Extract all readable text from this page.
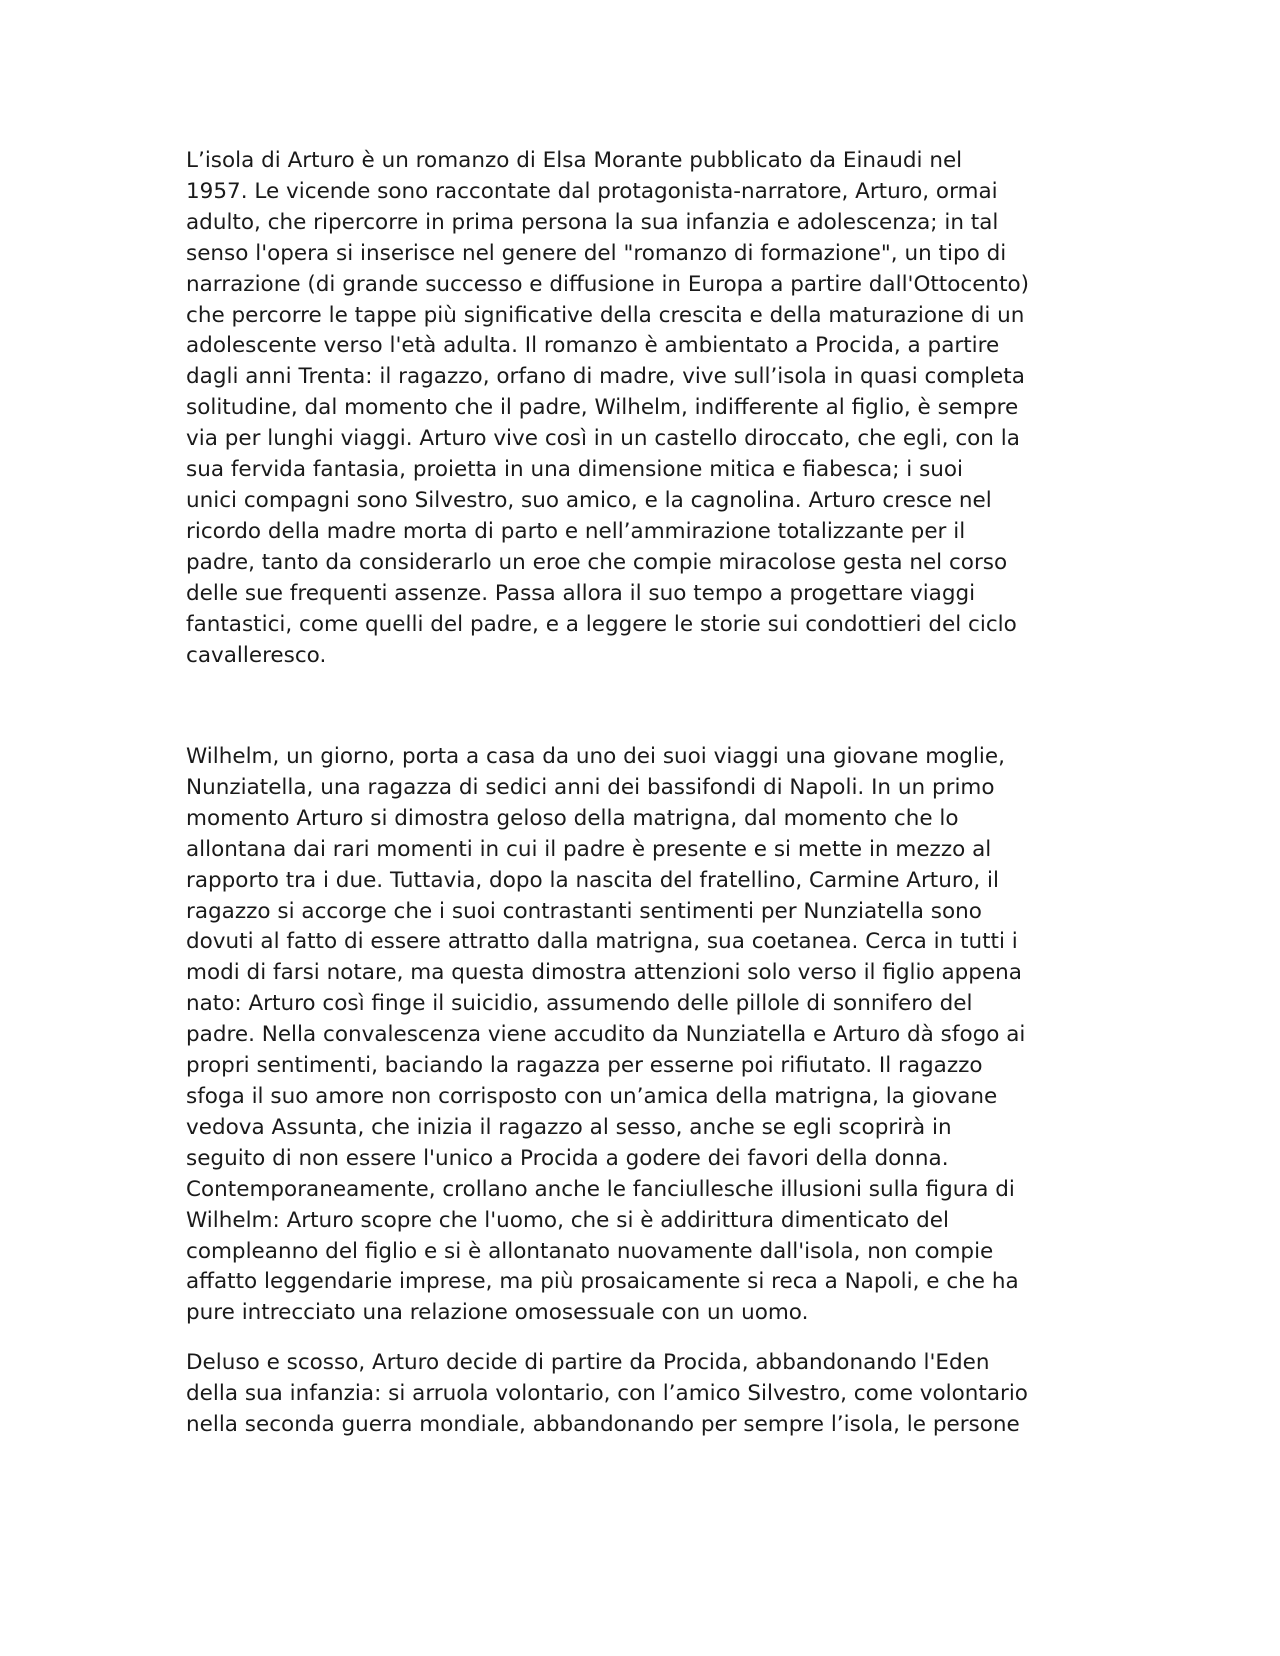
L’isola di Arturo è un romanzo di Elsa Morante pubblicato da Einaudi nel
1957. Le vicende sono raccontate dal protagonista-narratore, Arturo, ormai
adulto, che ripercorre in prima persona la sua infanzia e adolescenza; in tal
senso l'opera si inserisce nel genere del "romanzo di formazione", un tipo di
narrazione (di grande successo e diffusione in Europa a partire dall'Ottocento)
che percorre le tappe più significative della crescita e della maturazione di un
adolescente verso l'età adulta. Il romanzo è ambientato a Procida, a partire
dagli anni Trenta: il ragazzo, orfano di madre, vive sull’isola in quasi completa
solitudine, dal momento che il padre, Wilhelm, indifferente al figlio, è sempre
via per lunghi viaggi. Arturo vive così in un castello diroccato, che egli, con la
sua fervida fantasia, proietta in una dimensione mitica e fiabesca; i suoi
unici compagni sono Silvestro, suo amico, e la cagnolina. Arturo cresce nel
ricordo della madre morta di parto e nell’ammirazione totalizzante per il
padre, tanto da considerarlo un eroe che compie miracolose gesta nel corso
delle sue frequenti assenze. Passa allora il suo tempo a progettare viaggi
fantastici, come quelli del padre, e a leggere le storie sui condottieri del ciclo
cavalleresco.
Wilhelm, un giorno, porta a casa da uno dei suoi viaggi una giovane moglie,
Nunziatella, una ragazza di sedici anni dei bassifondi di Napoli. In un primo
momento Arturo si dimostra geloso della matrigna, dal momento che lo
allontana dai rari momenti in cui il padre è presente e si mette in mezzo al
rapporto tra i due. Tuttavia, dopo la nascita del fratellino, Carmine Arturo, il
ragazzo si accorge che i suoi contrastanti sentimenti per Nunziatella sono
dovuti al fatto di essere attratto dalla matrigna, sua coetanea. Cerca in tutti i
modi di farsi notare, ma questa dimostra attenzioni solo verso il figlio appena
nato: Arturo così finge il suicidio, assumendo delle pillole di sonnifero del
padre. Nella convalescenza viene accudito da Nunziatella e Arturo dà sfogo ai
propri sentimenti, baciando la ragazza per esserne poi rifiutato. Il ragazzo
sfoga il suo amore non corrisposto con un’amica della matrigna, la giovane
vedova Assunta, che inizia il ragazzo al sesso, anche se egli scoprirà in
seguito di non essere l'unico a Procida a godere dei favori della donna.
Contemporaneamente, crollano anche le fanciullesche illusioni sulla figura di
Wilhelm: Arturo scopre che l'uomo, che si è addirittura dimenticato del
compleanno del figlio e si è allontanato nuovamente dall'isola, non compie
affatto leggendarie imprese, ma più prosaicamente si reca a Napoli, e che ha
pure intrecciato una relazione omosessuale con un uomo.
Deluso e scosso, Arturo decide di partire da Procida, abbandonando l'Eden
della sua infanzia: si arruola volontario, con l’amico Silvestro, come volontario
nella seconda guerra mondiale, abbandonando per sempre l’isola, le persone
